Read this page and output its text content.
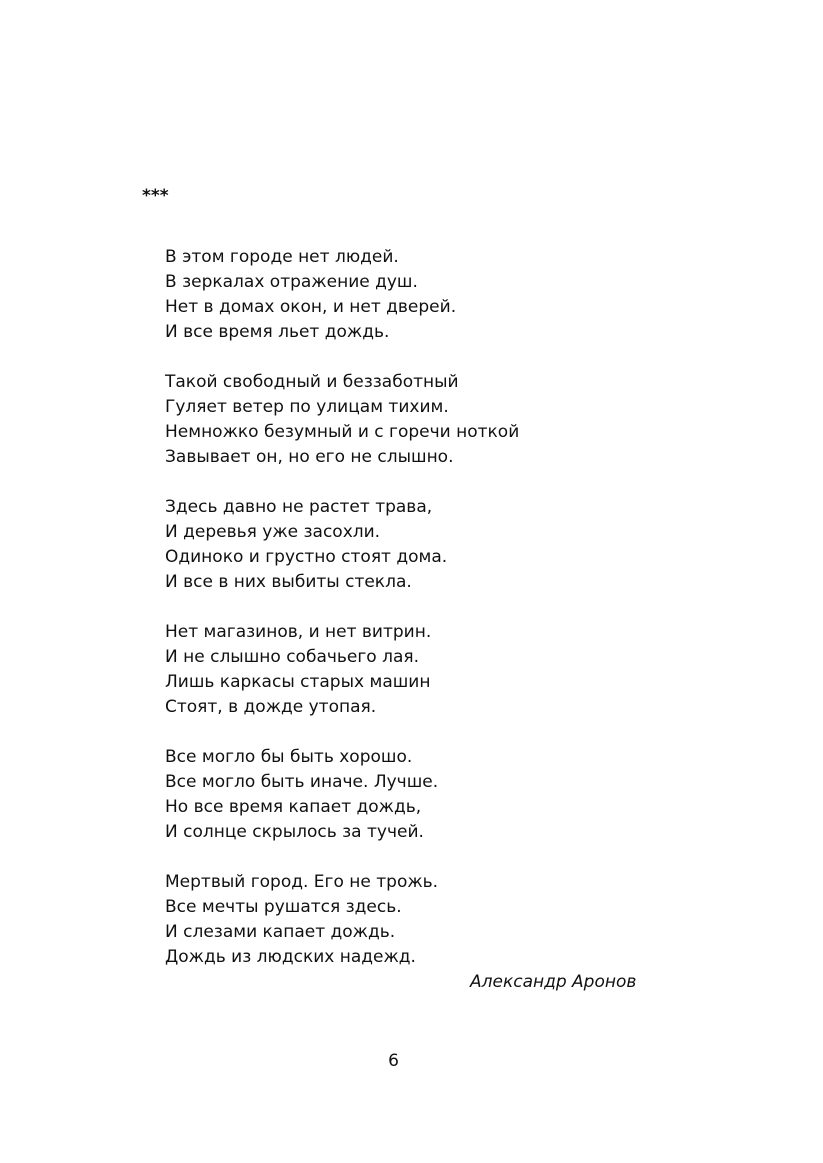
***
В этом городе нет людей.
В зеркалах отражение душ.
Нет в домах окон, и нет дверей.
И все время льет дождь.
Такой свободный и беззаботный
Гуляет ветер по улицам тихим.
Немножко безумный и с горечи ноткой
Завывает он, но его не слышно.
Здесь давно не растет трава,
И деревья уже засохли.
Одиноко и грустно стоят дома.
И все в них выбиты стекла.
Нет магазинов, и нет витрин.
И не слышно собачьего лая.
Лишь каркасы старых машин
Стоят, в дожде утопая.
Все могло бы быть хорошо.
Все могло быть иначе. Лучше.
Но все время капает дождь,
И солнце скрылось за тучей.
Мертвый город. Его не трожь.
Все мечты рушатся здесь.
И слезами капает дождь.
Дождь из людских надежд.
Александр Аронов
6
